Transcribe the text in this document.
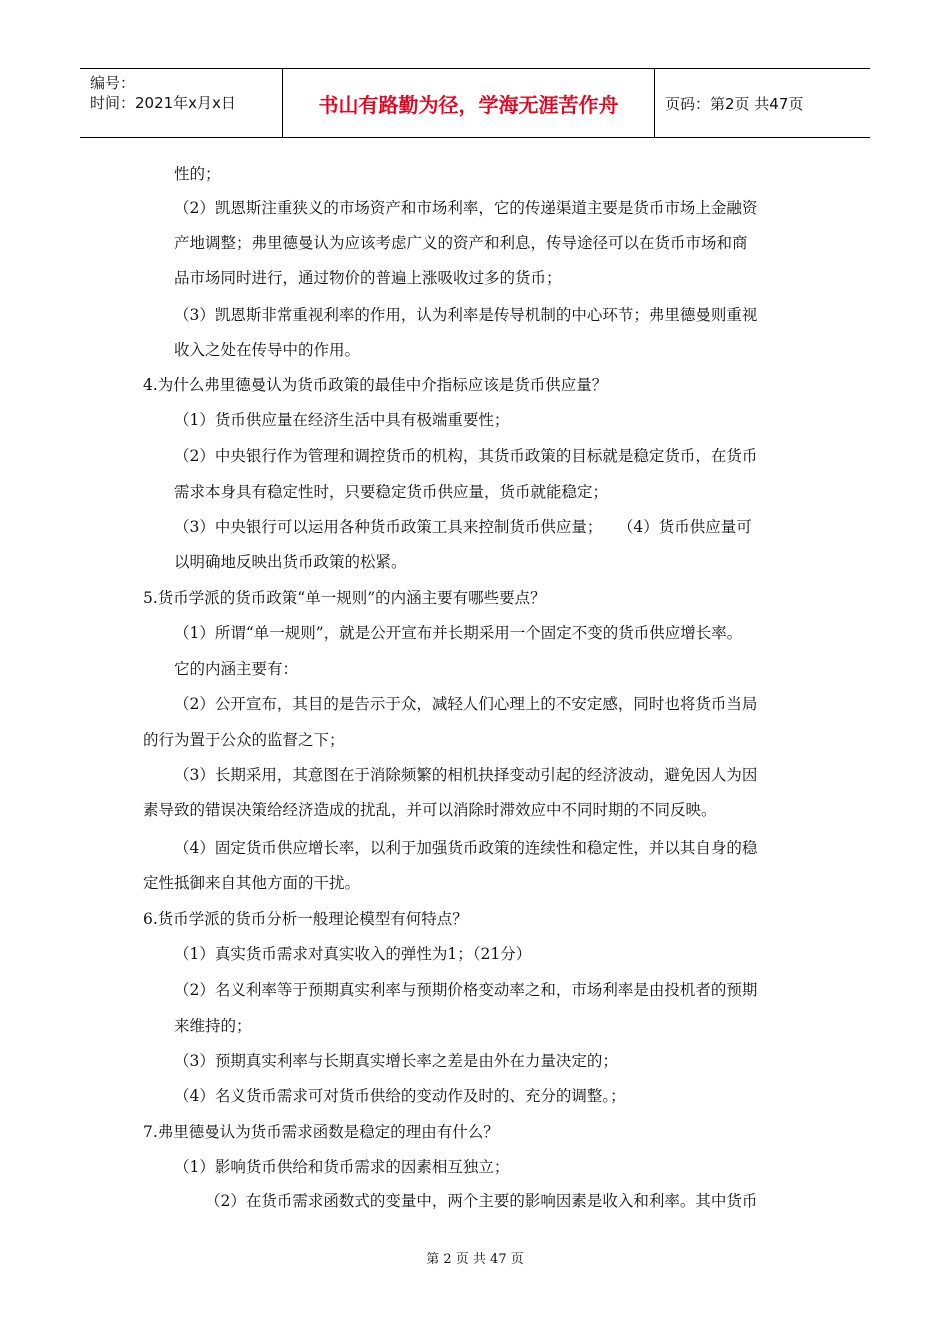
编号：
时间：2021年x月x日	书山有路勤为径，学海无涯苦作舟	页码：第2页 共47页
性的；
（2）凯恩斯注重狭义的市场资产和市场利率，它的传递渠道主要是货币市场上金融资
产地调整；弗里德曼认为应该考虑广义的资产和利息，传导途径可以在货币市场和商
品市场同时进行，通过物价的普遍上涨吸收过多的货币；
（3）凯恩斯非常重视利率的作用，认为利率是传导机制的中心环节；弗里德曼则重视
收入之处在传导中的作用。
4.为什么弗里德曼认为货币政策的最佳中介指标应该是货币供应量？
（1）货币供应量在经济生活中具有极端重要性；
（2）中央银行作为管理和调控货币的机构，其货币政策的目标就是稳定货币，在货币
需求本身具有稳定性时，只要稳定货币供应量，货币就能稳定；
（3）中央银行可以运用各种货币政策工具来控制货币供应量；　　（4）货币供应量可
以明确地反映出货币政策的松紧。
5.货币学派的货币政策“单一规则”的内涵主要有哪些要点？
（1）所谓“单一规则”，就是公开宣布并长期采用一个固定不变的货币供应增长率。
它的内涵主要有：
（2）公开宣布，其目的是告示于众，减轻人们心理上的不安定感，同时也将货币当局
的行为置于公众的监督之下；
（3）长期采用，其意图在于消除频繁的相机抉择变动引起的经济波动，避免因人为因
素导致的错误决策给经济造成的扰乱，并可以消除时滞效应中不同时期的不同反映。
（4）固定货币供应增长率，以利于加强货币政策的连续性和稳定性，并以其自身的稳
定性抵御来自其他方面的干扰。
6.货币学派的货币分析一般理论模型有何特点？
（1）真实货币需求对真实收入的弹性为1；（21分）
（2）名义利率等于预期真实利率与预期价格变动率之和，市场利率是由投机者的预期
来维持的；
（3）预期真实利率与长期真实增长率之差是由外在力量决定的；
（4）名义货币需求可对货币供给的变动作及时的、充分的调整。；
7.弗里德曼认为货币需求函数是稳定的理由有什么？
（1）影响货币供给和货币需求的因素相互独立；
（2）在货币需求函数式的变量中，两个主要的影响因素是收入和利率。其中货币
第 2 页 共 47 页
